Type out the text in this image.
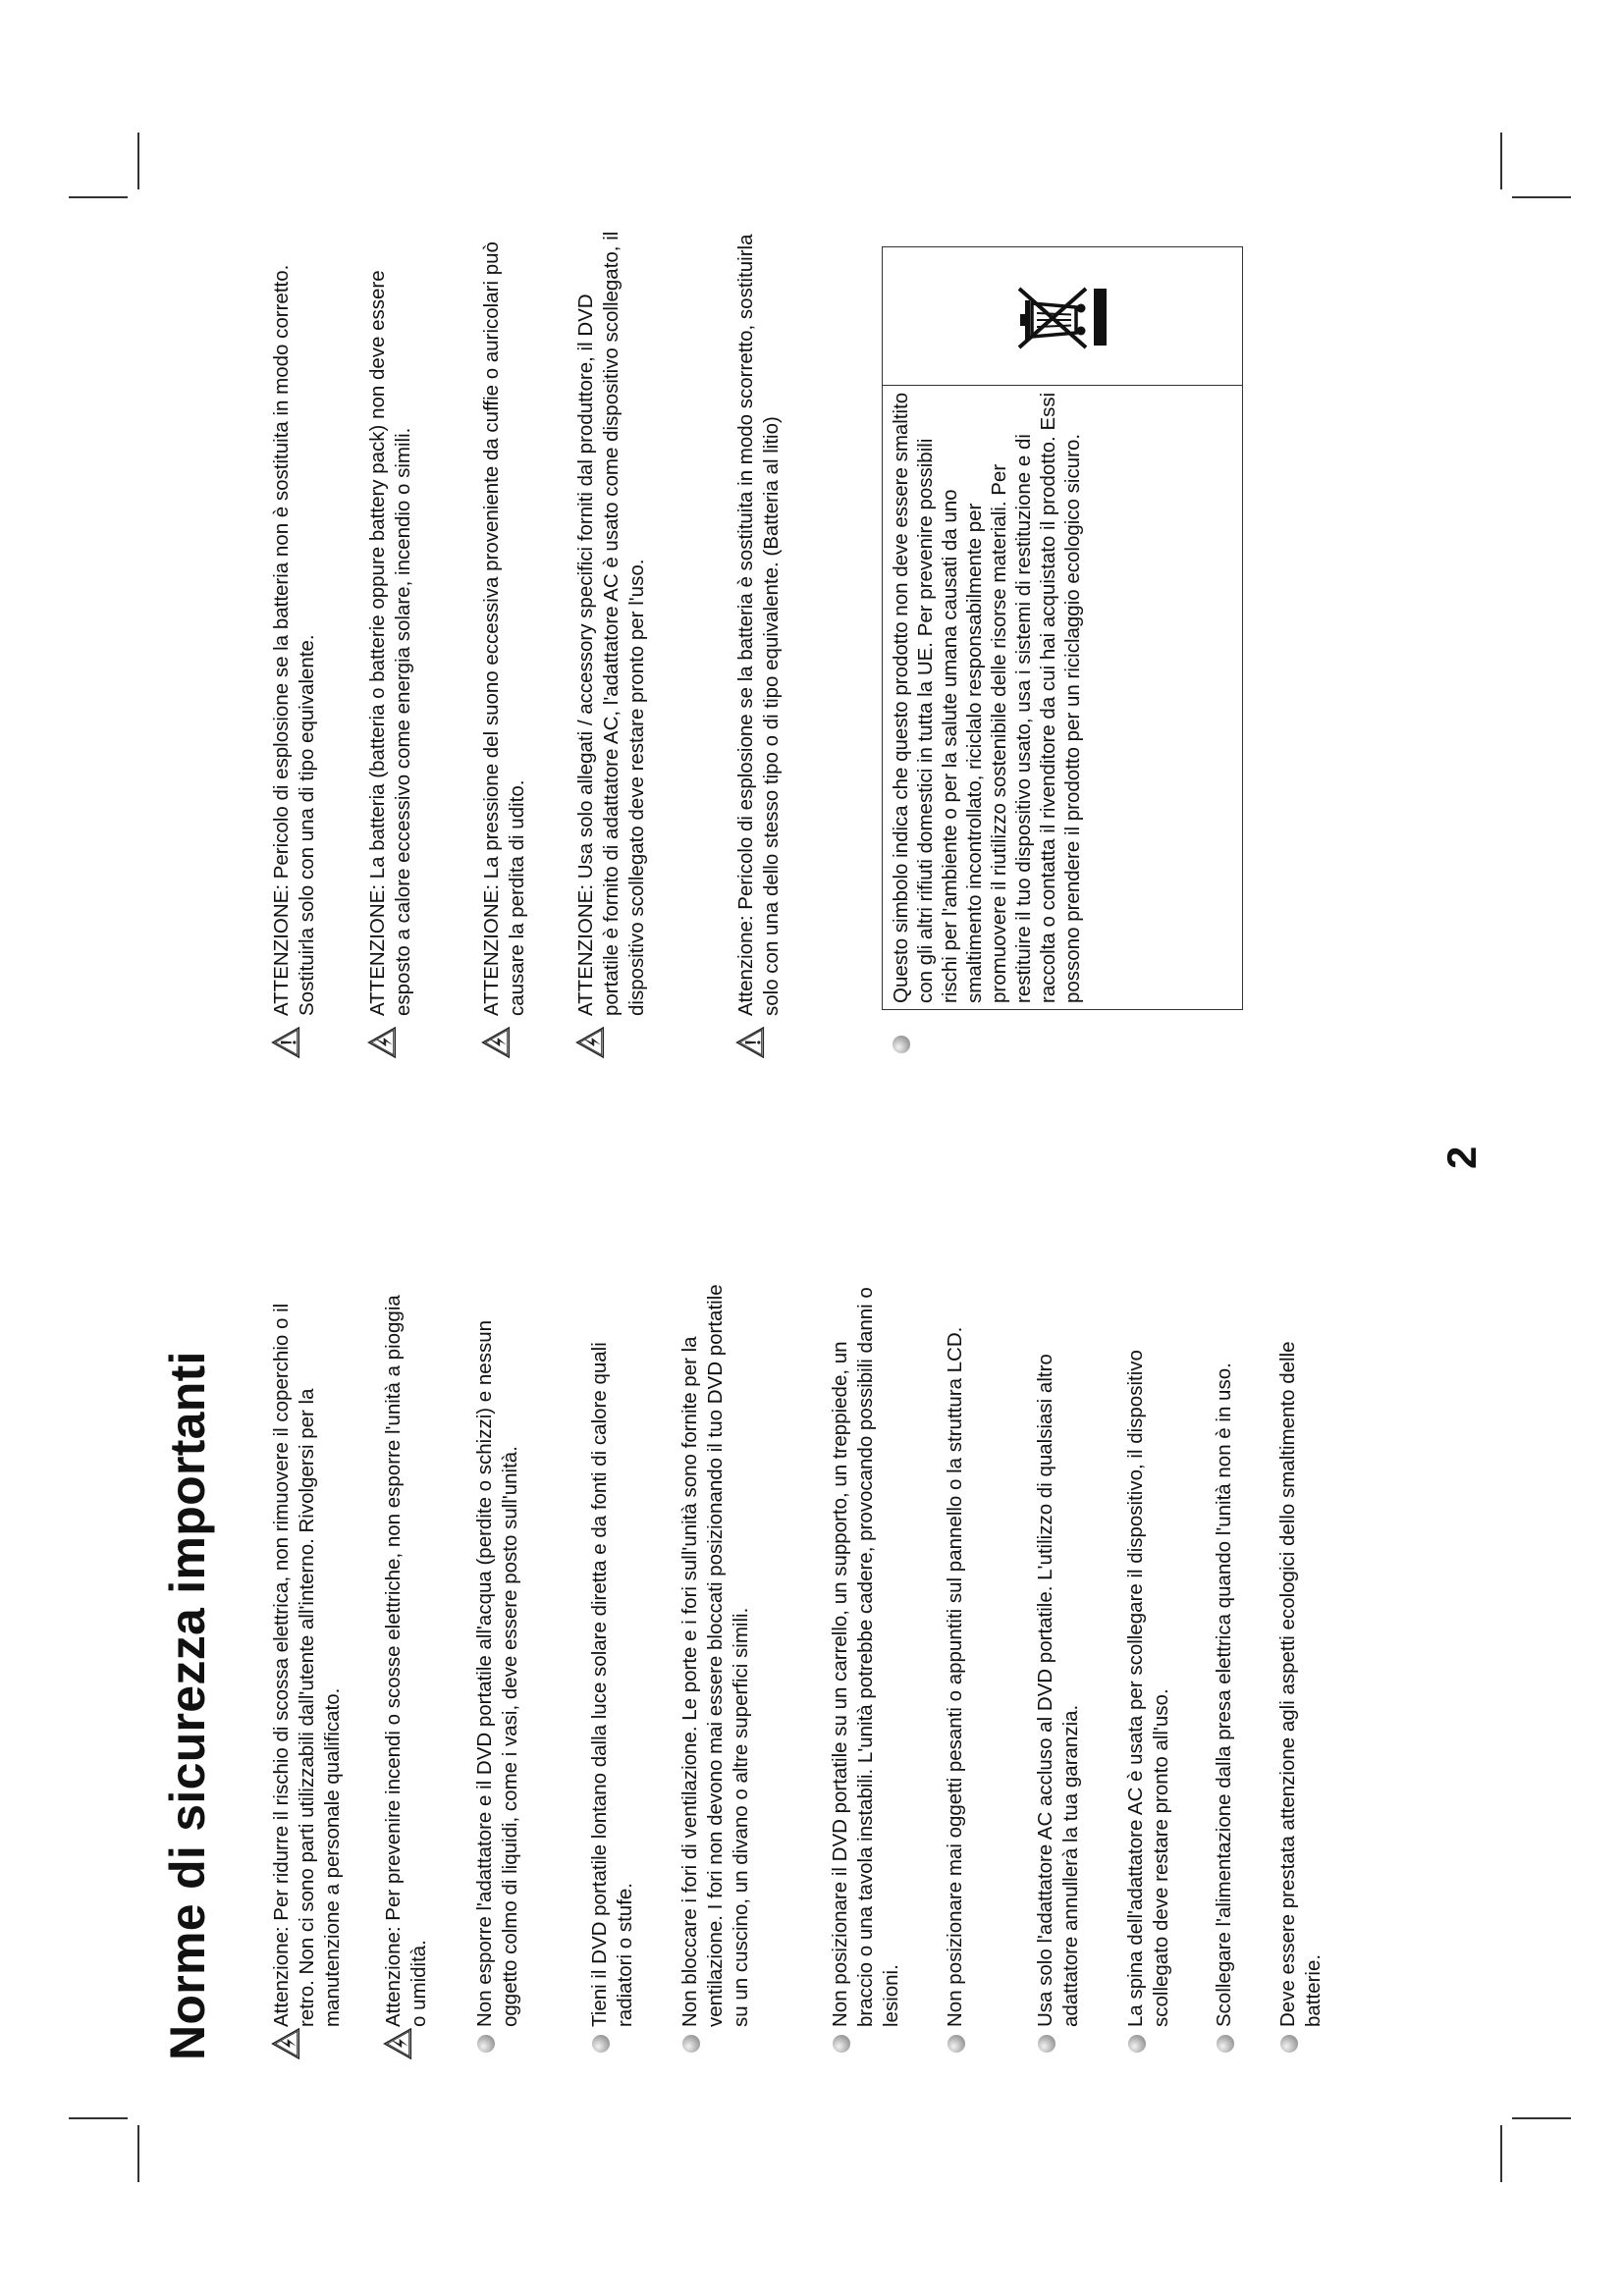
Norme di sicurezza importanti	Attenzione: Per ridurre il rischio di scossa elettrica, non rimuovere il coperchio o il retro. Non ci sono parti utilizzabili dall'utente all'interno. Rivolgersi per la manutenzione a personale qualificato. Attenzione: Per prevenire incendi o scosse elettriche, non esporre l'unità a pioggia o umidità. Non esporre l'adattatore e il DVD portatile all'acqua (perdite o schizzi) e nessun oggetto colmo di liquidi, come i vasi, deve essere posto sull'unità.	Tieni il DVD portatile lontano dalla luce solare diretta e da fonti di calore quali radiatori o stufe. Non bloccare i fori di ventilazione. Le porte e i fori sull'unità sono fornite per la ventilazione. I fori non devono mai essere bloccati posizionando il tuo DVD portatile su un cuscino, un divano o altre superfici simili.	Non posizionare il DVD portatile su un carrello, un supporto, un treppiede, un braccio o una tavola instabili. L'unità potrebbe cadere, provocando possibili danni o lesioni. Non posizionare mai oggetti pesanti o appuntiti sul pannello o la struttura LCD.	Usa solo l'adattatore AC accluso al DVD portatile. L'utilizzo di qualsiasi altro adattatore annullerà la tua garanzia. La spina dell'adattatore AC è usata per scollegare il dispositivo, il dispositivo scollegato deve restare pronto all'uso. Scollegare l'alimentazione dalla presa elettrica quando l'unità non è in uso. Deve essere prestata attenzione agli aspetti ecologici dello smaltimento delle batterie.
ATTENZIONE: Pericolo di esplosione se la batteria non è sostituita in modo corretto. Sostituirla solo con una di tipo equivalente. ATTENZIONE: La batteria (batteria o batterie oppure battery pack) non deve essere esposto a calore eccessivo come energia solare, incendio o simili.	ATTENZIONE: La pressione del suono eccessiva proveniente da cuffie o auricolari può causare la perdita di udito. ATTENZIONE: Usa solo allegati / accessory specifici forniti dal produttore, il DVD portatile è fornito di adattatore AC, l'adattatore AC è usato come dispositivo scollegato, il dispositivo scollegato deve restare pronto per l'uso.	Attenzione: Pericolo di esplosione se la batteria è sostituita in modo scorretto, sostituirla solo con una dello stesso tipo o di tipo equivalente. (Batteria al litio)	Questo simbolo indica che questo prodotto non deve essere smaltito con gli altri rifiuti domestici in tutta la UE. Per prevenire possibili rischi per l'ambiente o per la salute umana causati da uno smaltimento incontrollato, riciclalo responsabilmente per promuovere il riutilizzo sostenibile delle risorse materiali. Per restituire il tuo dispositivo usato, usa i sistemi di restituzione e di raccolta o contatta il rivenditore da cui hai acquistato il prodotto. Essi possono prendere il prodotto per un riciclaggio ecologico sicuro.
2
